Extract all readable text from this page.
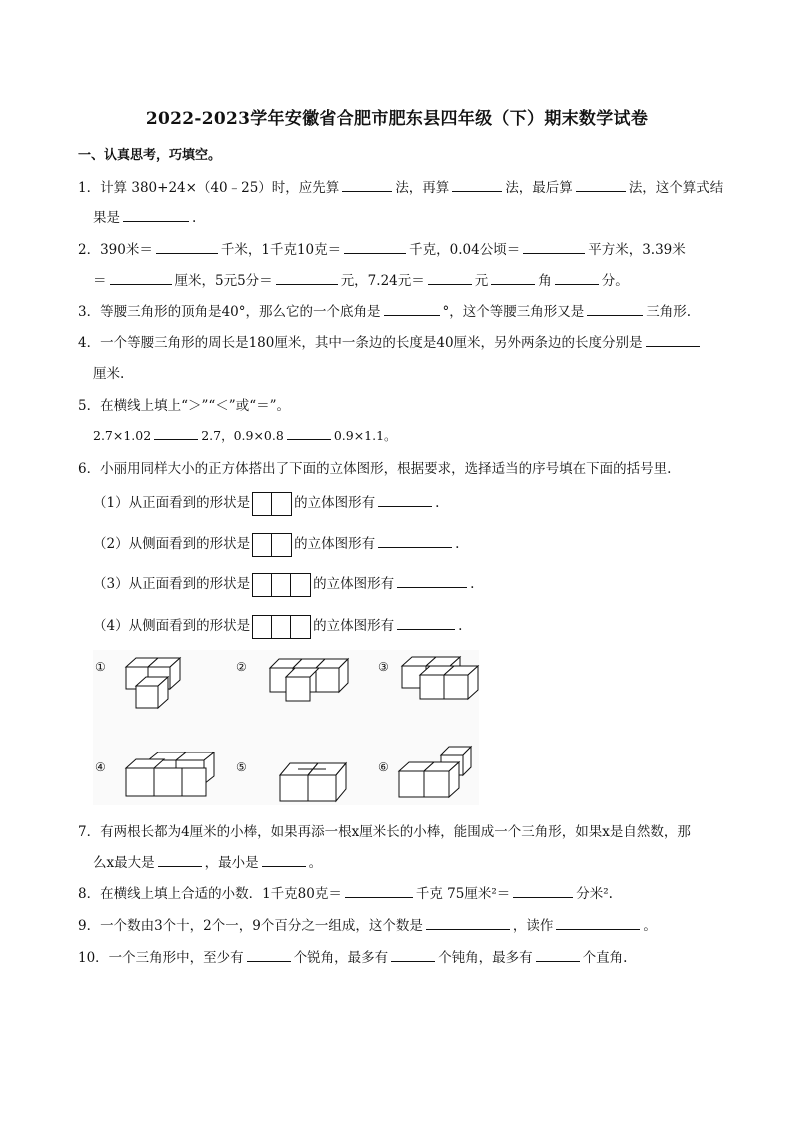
2022-2023学年安徽省合肥市肥东县四年级（下）期末数学试卷
一、认真思考，巧填空。
1．计算 380+24×（40﹣25）时，应先算	法，再算	法，最后算	法，这个算式结
果是	.
2．390米＝	千米，1千克10克＝	千克，0.04公顷＝	平方米，3.39米
＝	厘米，5元5分＝	元，7.24元＝	元	角	分。
3．等腰三角形的顶角是40°，那么它的一个底角是	°，这个等腰三角形又是	三角形.
4．一个等腰三角形的周长是180厘米，其中一条边的长度是40厘米，另外两条边的长度分别是
厘米.
5．在横线上填上“＞”“＜”或“＝”。
2.7×1.02	2.7，0.9×0.8	0.9×1.1。
6．小丽用同样大小的正方体搭出了下面的立体图形，根据要求，选择适当的序号填在下面的括号里.
（1）从正面看到的形状是	的立体图形有	.
（2）从侧面看到的形状是	的立体图形有	.
（3）从正面看到的形状是	的立体图形有	.
（4）从侧面看到的形状是	的立体图形有	.
①	②	③
④	⑤	⑥
7．有两根长都为4厘米的小棒，如果再添一根x厘米长的小棒，能围成一个三角形，如果x是自然数，那
么x最大是	，最小是	。
8．在横线上填上合适的小数．1千克80克＝	千克 75厘米²＝	分米².
9．一个数由3个十，2个一，9个百分之一组成，这个数是	，读作	。
10．一个三角形中，至少有	个锐角，最多有	个钝角，最多有	个直角.
